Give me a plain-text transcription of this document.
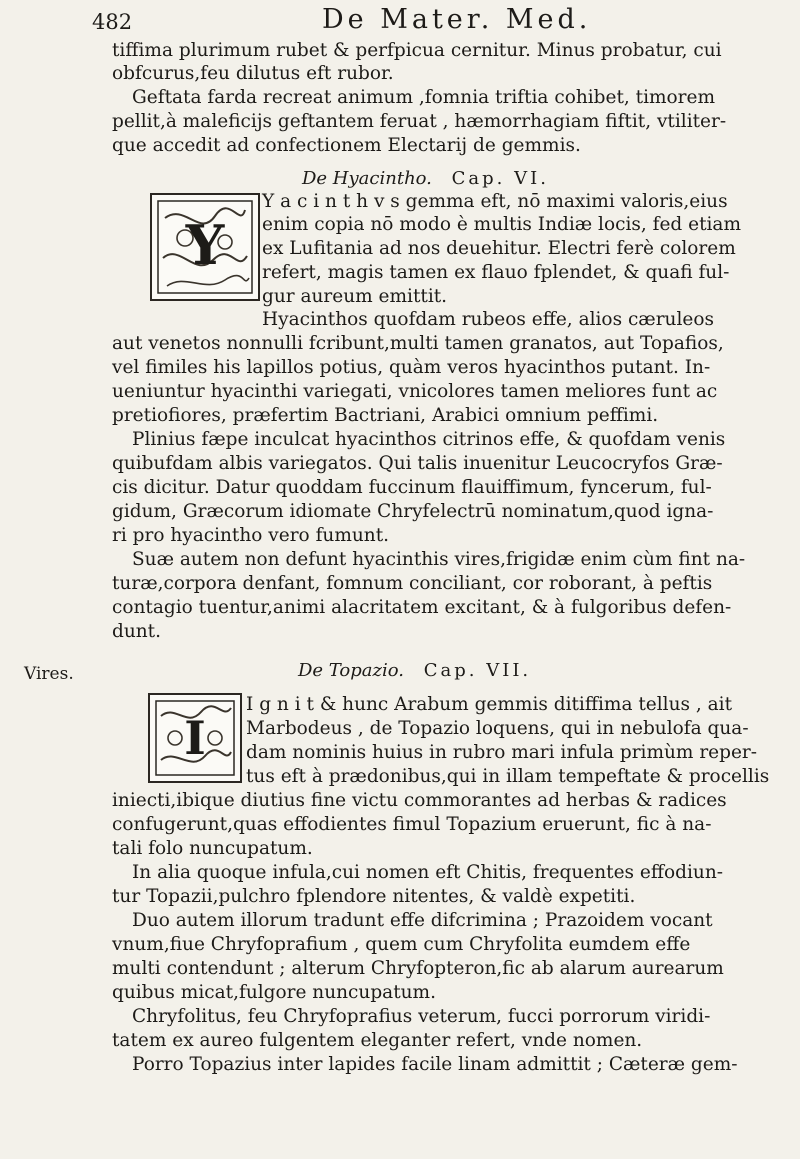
482	De Mater. Med.
tiffima plurimum rubet & perfpicua cernitur. Minus probatur, cui
obfcurus,feu dilutus eft rubor.
Geftata farda recreat animum ,fomnia triftia cohibet, timorem
pellit,à maleficijs geftantem feruat , hæmorrhagiam fiftit, vtiliter-
que accedit ad confectionem Electarij de gemmis.
De Hyacintho. Cap. VI.
Y
Y a c i n t h v s gemma eft, nō maximi valoris,eius
enim copia nō modo è multis Indiæ locis, fed etiam
ex Lufitania ad nos deuehitur. Electri ferè colorem
refert, magis tamen ex flauo fplendet, & quafi ful-
gur aureum emittit.
Hyacinthos quofdam rubeos effe, alios cæruleos
aut venetos nonnulli fcribunt,multi tamen granatos, aut Topafios,
vel fimiles his lapillos potius, quàm veros hyacinthos putant. In-
ueniuntur hyacinthi variegati, vnicolores tamen meliores funt ac
pretiofiores, præfertim Bactriani, Arabici omnium peffimi.
Plinius fæpe inculcat hyacinthos citrinos effe, & quofdam venis
quibufdam albis variegatos. Qui talis inuenitur Leucocryfos Græ-
cis dicitur. Datur quoddam fuccinum flauiffimum, fyncerum, ful-
gidum, Græcorum idiomate Chryfelectrū nominatum,quod igna-
ri pro hyacintho vero fumunt.
Suæ autem non defunt hyacinthis vires,frigidæ enim cùm fint na-
turæ,corpora denfant, fomnum conciliant, cor roborant, à peftis
contagio tuentur,animi alacritatem excitant, & à fulgoribus defen-
dunt.
Vires.	De Topazio. Cap. VII.
I
I g n i t & hunc Arabum gemmis ditiffima tellus , ait
Marbodeus , de Topazio loquens, qui in nebulofa qua-
dam nominis huius in rubro mari infula primùm reper-
tus eft à prædonibus,qui in illam tempeftate & procellis
iniecti,ibique diutius fine victu commorantes ad herbas & radices
confugerunt,quas effodientes fimul Topazium eruerunt, fic à na-
tali folo nuncupatum.
In alia quoque infula,cui nomen eft Chitis, frequentes effodiun-
tur Topazii,pulchro fplendore nitentes, & valdè expetiti.
Duo autem illorum tradunt effe difcrimina ; Prazoidem vocant
vnum,fiue Chryfoprafium , quem cum Chryfolita eumdem effe
multi contendunt ; alterum Chryfopteron,fic ab alarum aurearum
quibus micat,fulgore nuncupatum.
Chryfolitus, feu Chryfoprafius veterum, fucci porrorum viridi-
tatem ex aureo fulgentem eleganter refert, vnde nomen.
Porro Topazius inter lapides facile linam admittit ; Cæteræ gem-
